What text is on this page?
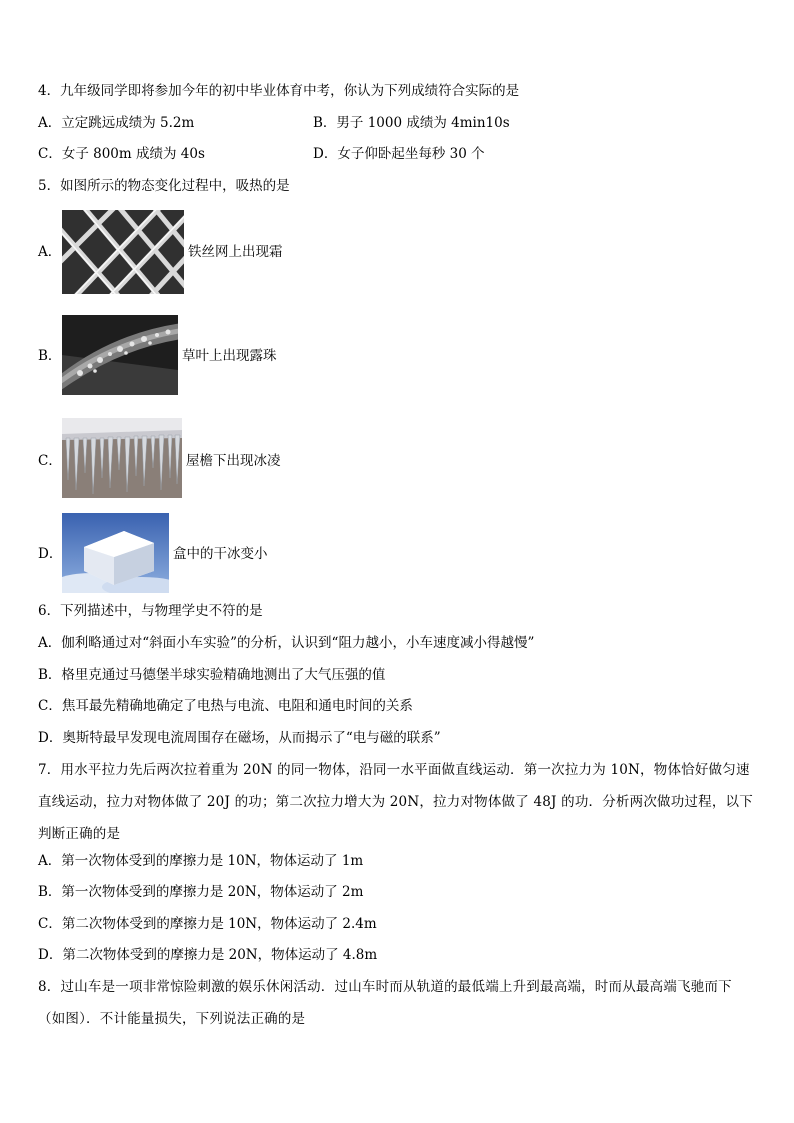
4．九年级同学即将参加今年的初中毕业体育中考，你认为下列成绩符合实际的是
A．立定跳远成绩为 5.2m	B．男子 1000 成绩为 4min10s
C．女子 800m 成绩为 40s	D．女子仰卧起坐每秒 30 个
5．如图所示的物态变化过程中，吸热的是
A．	铁丝网上出现霜
B．	草叶上出现露珠
C．	屋檐下出现冰凌
D．	盒中的干冰变小
6．下列描述中，与物理学史不符的是
A．伽利略通过对“斜面小车实验”的分析，认识到“阻力越小，小车速度减小得越慢”
B．格里克通过马德堡半球实验精确地测出了大气压强的值
C．焦耳最先精确地确定了电热与电流、电阻和通电时间的关系
D．奥斯特最早发现电流周围存在磁场，从而揭示了“电与磁的联系”
7．用水平拉力先后两次拉着重为 20N 的同一物体，沿同一水平面做直线运动．第一次拉力为 10N，物体恰好做匀速直线运动，拉力对物体做了 20J 的功；第二次拉力增大为 20N，拉力对物体做了 48J 的功．分析两次做功过程，以下判断正确的是
A．第一次物体受到的摩擦力是 10N，物体运动了 1m
B．第一次物体受到的摩擦力是 20N，物体运动了 2m
C．第二次物体受到的摩擦力是 10N，物体运动了 2.4m
D．第二次物体受到的摩擦力是 20N，物体运动了 4.8m
8．过山车是一项非常惊险刺激的娱乐休闲活动．过山车时而从轨道的最低端上升到最高端，时而从最高端飞驰而下（如图）．不计能量损失，下列说法正确的是
